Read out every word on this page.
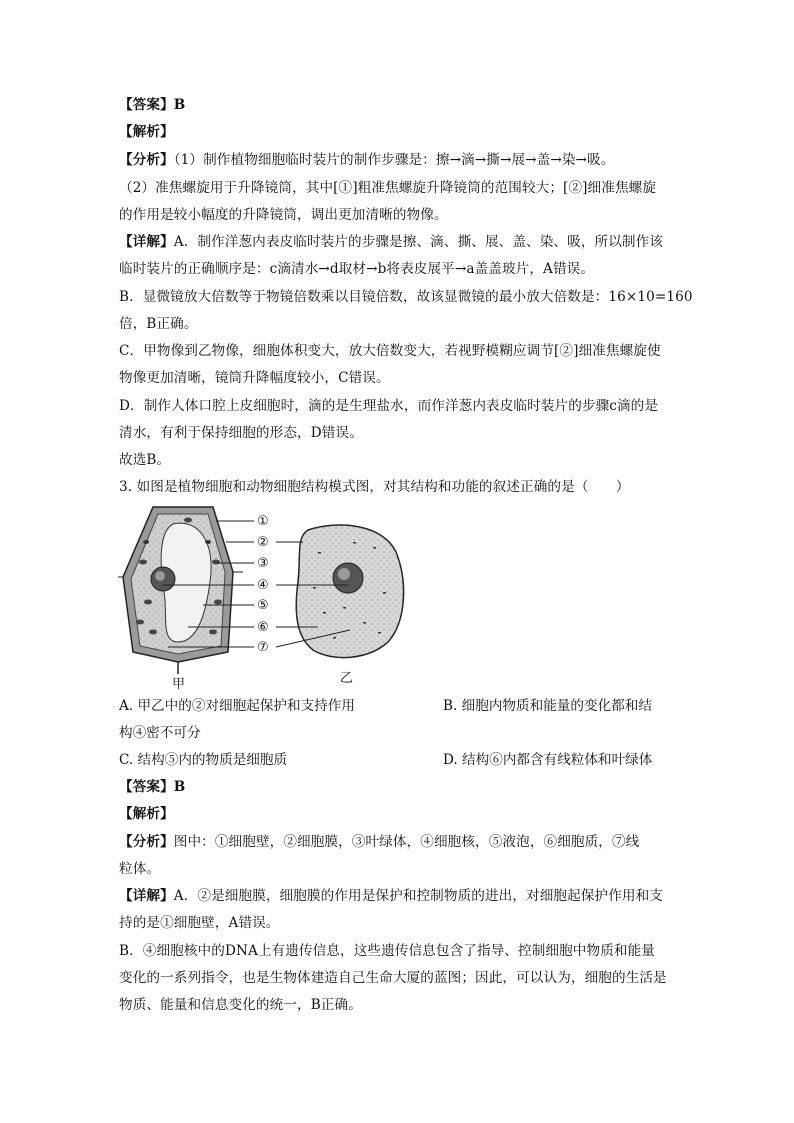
【答案】B
【解析】
【分析】（1）制作植物细胞临时装片的制作步骤是：擦→滴→撕→展→盖→染→吸。
（2）准焦螺旋用于升降镜筒，其中[①]粗准焦螺旋升降镜筒的范围较大；[②]细准焦螺旋
的作用是较小幅度的升降镜筒，调出更加清晰的物像。
【详解】A．制作洋葱内表皮临时装片的步骤是擦、滴、撕、展、盖、染、吸，所以制作该
临时装片的正确顺序是：c滴清水→d取材→b将表皮展平→a盖盖玻片，A错误。
B．显微镜放大倍数等于物镜倍数乘以目镜倍数，故该显微镜的最小放大倍数是：16×10=160
倍，B正确。
C．甲物像到乙物像，细胞体积变大，放大倍数变大，若视野模糊应调节[②]细准焦螺旋使
物像更加清晰，镜筒升降幅度较小，C错误。
D．制作人体口腔上皮细胞时，滴的是生理盐水，而作洋葱内表皮临时装片的步骤c滴的是
清水，有利于保持细胞的形态，D错误。
故选B。
3. 如图是植物细胞和动物细胞结构模式图，对其结构和功能的叙述正确的是（　　）
①
②
③
④
⑤
⑥
⑦
甲	乙
A. 甲乙中的②对细胞起保护和支持作用	B. 细胞内物质和能量的变化都和结
构④密不可分
C. 结构⑤内的物质是细胞质	D. 结构⑥内都含有线粒体和叶绿体
【答案】B
【解析】
【分析】图中：①细胞壁，②细胞膜，③叶绿体，④细胞核，⑤液泡，⑥细胞质，⑦线
粒体。
【详解】A．②是细胞膜，细胞膜的作用是保护和控制物质的进出，对细胞起保护作用和支
持的是①细胞壁，A错误。
B．④细胞核中的DNA上有遗传信息，这些遗传信息包含了指导、控制细胞中物质和能量
变化的一系列指令，也是生物体建造自己生命大厦的蓝图；因此，可以认为，细胞的生活是
物质、能量和信息变化的统一，B正确。
